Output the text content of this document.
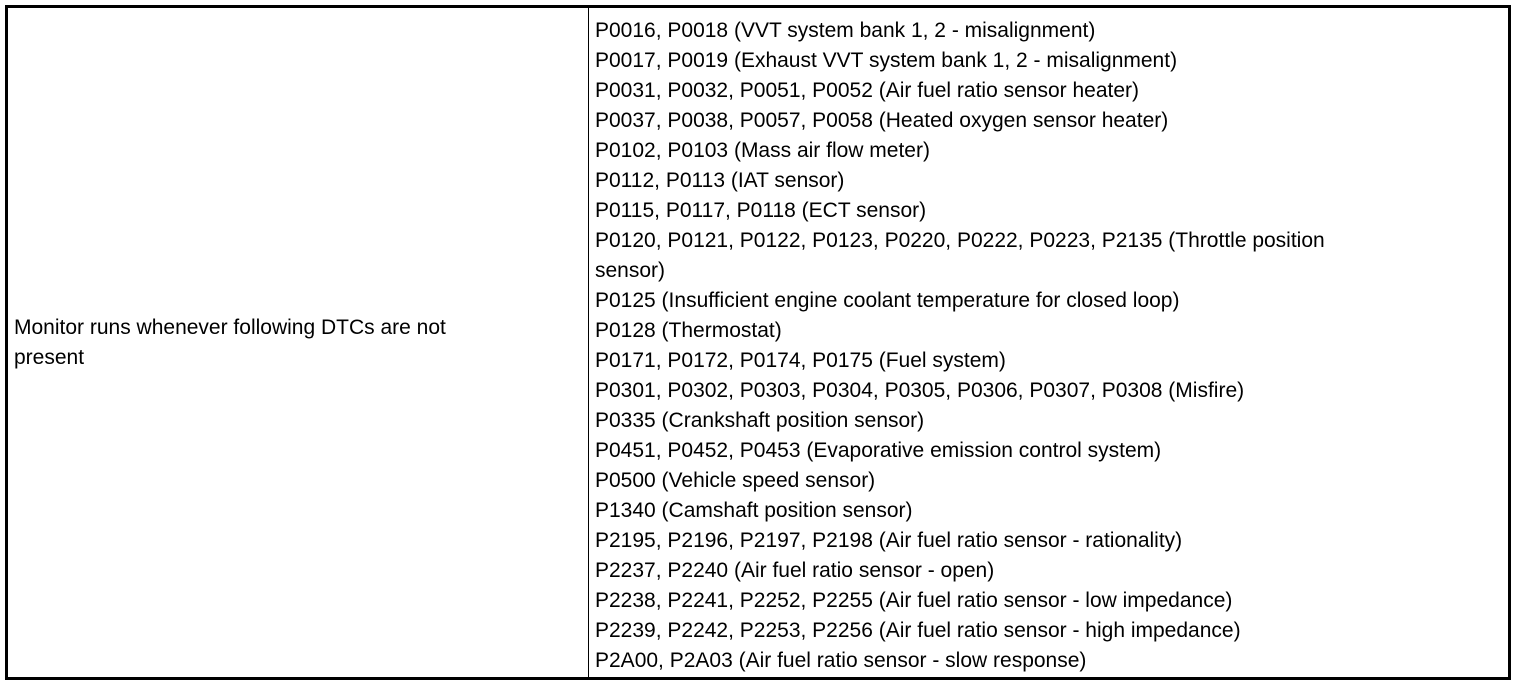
Monitor runs whenever following DTCs are not
present
P0016, P0018 (VVT system bank 1, 2 - misalignment)
P0017, P0019 (Exhaust VVT system bank 1, 2 - misalignment)
P0031, P0032, P0051, P0052 (Air fuel ratio sensor heater)
P0037, P0038, P0057, P0058 (Heated oxygen sensor heater)
P0102, P0103 (Mass air flow meter)
P0112, P0113 (IAT sensor)
P0115, P0117, P0118 (ECT sensor)
P0120, P0121, P0122, P0123, P0220, P0222, P0223, P2135 (Throttle position
sensor)
P0125 (Insufficient engine coolant temperature for closed loop)
P0128 (Thermostat)
P0171, P0172, P0174, P0175 (Fuel system)
P0301, P0302, P0303, P0304, P0305, P0306, P0307, P0308 (Misfire)
P0335 (Crankshaft position sensor)
P0451, P0452, P0453 (Evaporative emission control system)
P0500 (Vehicle speed sensor)
P1340 (Camshaft position sensor)
P2195, P2196, P2197, P2198 (Air fuel ratio sensor - rationality)
P2237, P2240 (Air fuel ratio sensor - open)
P2238, P2241, P2252, P2255 (Air fuel ratio sensor - low impedance)
P2239, P2242, P2253, P2256 (Air fuel ratio sensor - high impedance)
P2A00, P2A03 (Air fuel ratio sensor - slow response)
